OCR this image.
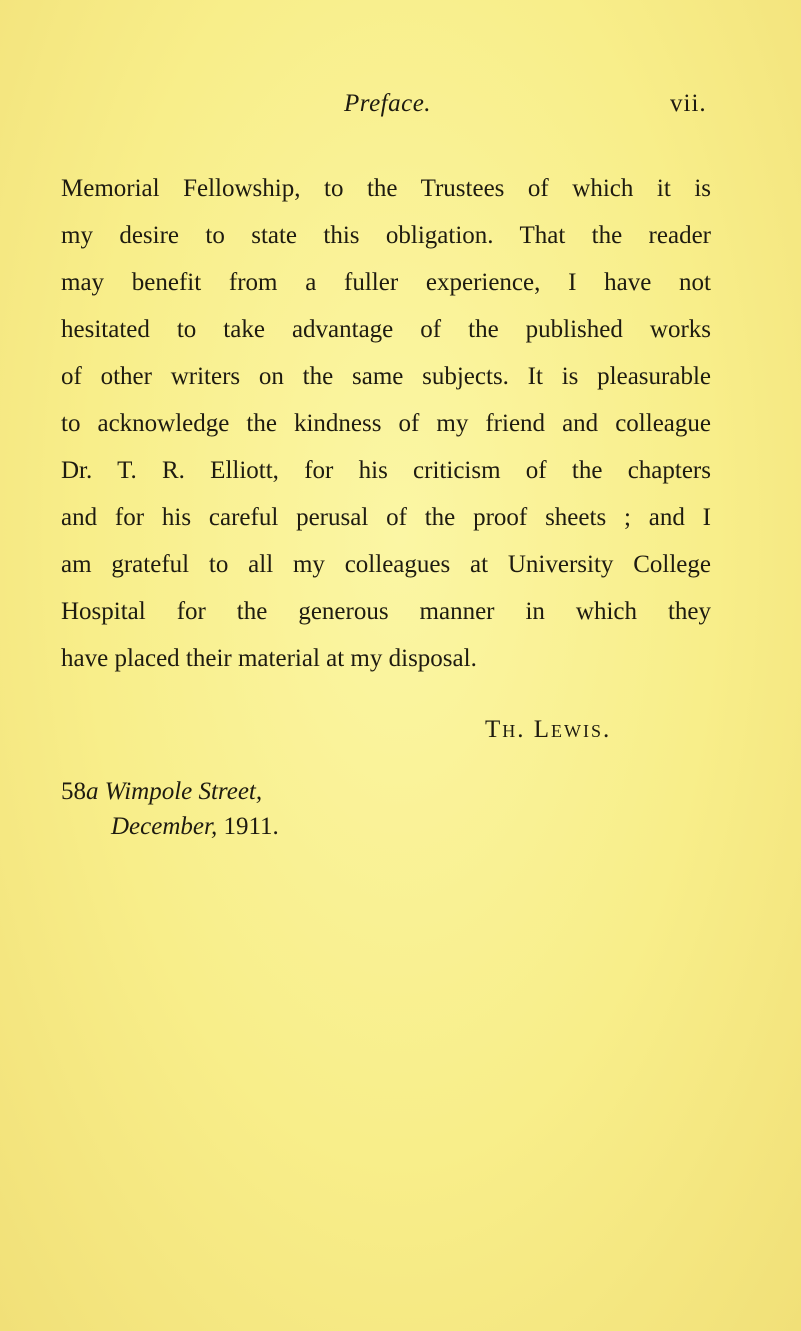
Preface.	vii.
Memorial Fellowship, to the Trustees of which it is
my desire to state this obligation. That the reader
may benefit from a fuller experience, I have not
hesitated to take advantage of the published works
of other writers on the same subjects. It is pleasurable
to acknowledge the kindness of my friend and colleague
Dr. T. R. Elliott, for his criticism of the chapters
and for his careful perusal of the proof sheets ; and I
am grateful to all my colleagues at University College
Hospital for the generous manner in which they
have placed their material at my disposal.
Th. Lewis.
58a Wimpole Street,
December, 1911.
